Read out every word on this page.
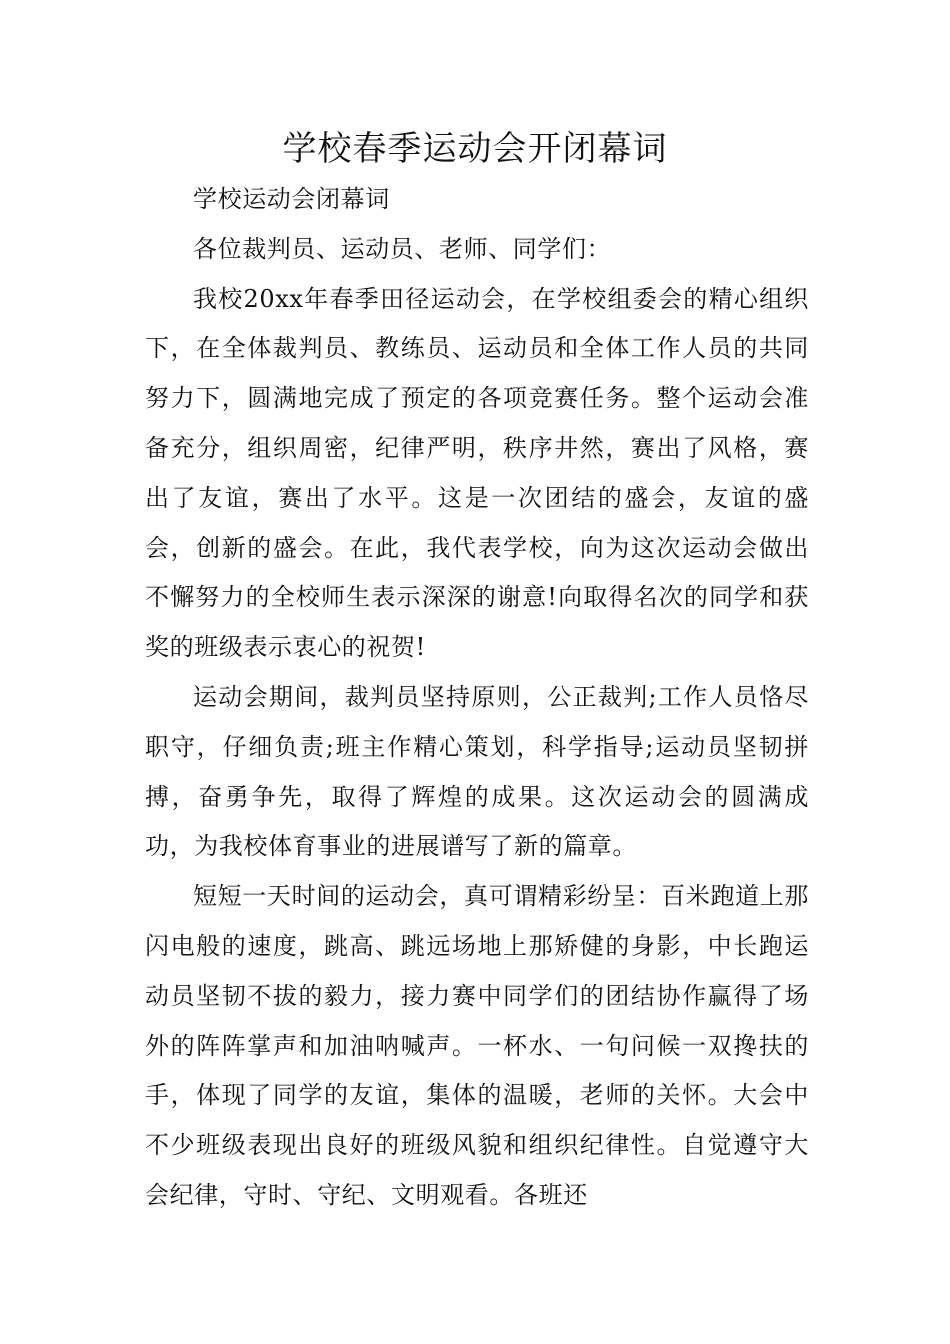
学校春季运动会开闭幕词

学校运动会闭幕词

各位裁判员、运动员、老师、同学们：

我校20xx年春季田径运动会，在学校组委会的精心组织下，在全体裁判员、教练员、运动员和全体工作人员的共同努力下，圆满地完成了预定的各项竞赛任务。整个运动会准备充分，组织周密，纪律严明，秩序井然，赛出了风格，赛出了友谊，赛出了水平。这是一次团结的盛会，友谊的盛会，创新的盛会。在此，我代表学校，向为这次运动会做出不懈努力的全校师生表示深深的谢意!向取得名次的同学和获奖的班级表示衷心的祝贺!

运动会期间，裁判员坚持原则，公正裁判;工作人员恪尽职守，仔细负责;班主作精心策划，科学指导;运动员坚韧拼搏，奋勇争先，取得了辉煌的成果。这次运动会的圆满成功，为我校体育事业的进展谱写了新的篇章。

短短一天时间的运动会，真可谓精彩纷呈：百米跑道上那闪电般的速度，跳高、跳远场地上那矫健的身影，中长跑运动员坚韧不拔的毅力，接力赛中同学们的团结协作赢得了场外的阵阵掌声和加油呐喊声。一杯水、一句问候一双搀扶的手，体现了同学的友谊，集体的温暖，老师的关怀。大会中不少班级表现出良好的班级风貌和组织纪律性。自觉遵守大会纪律，守时、守纪、文明观看。各班还
